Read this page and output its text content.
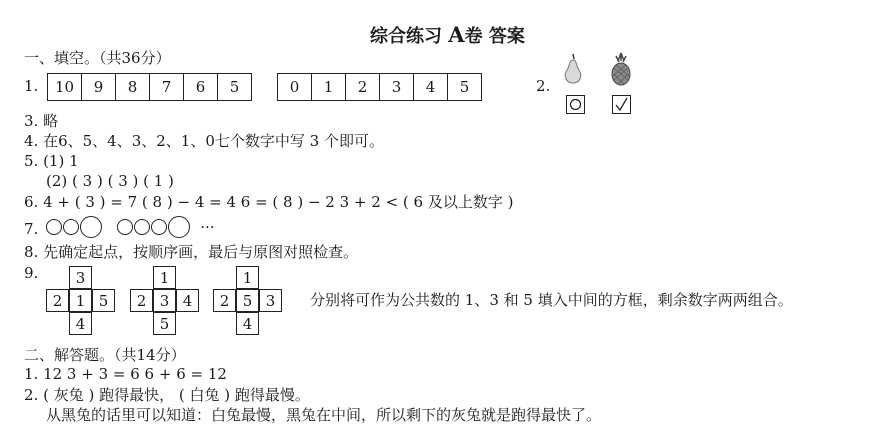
综合练习 A卷 答案
一、填空。（共36分）
1.	10	9	8	7	6	5	0	1	2	3	4	5	2.
3. 略
4. 在6、5、4、3、2、1、0七个数字中写 3 个即可。
5. (1) 1
(2) ( 3 ) ( 3 ) ( 1 )
6. 4 + ( 3 ) = 7 ( 8 ) − 4 = 4 6 = ( 8 ) − 2 3 + 2 < ( 6 及以上数字 )
7.	···
8. 先确定起点，按顺序画，最后与原图对照检查。
9.	3
2 1 5
4
1
2 3 4
5
1
2 5 3
4
分别将可作为公共数的 1、3 和 5 填入中间的方框，剩余数字两两组合。
二、解答题。（共14分）
1. 12 3 + 3 = 6 6 + 6 = 12
2. ( 灰兔 ) 跑得最快， ( 白兔 ) 跑得最慢。
从黑兔的话里可以知道：白兔最慢，黑兔在中间，所以剩下的灰兔就是跑得最快了。
